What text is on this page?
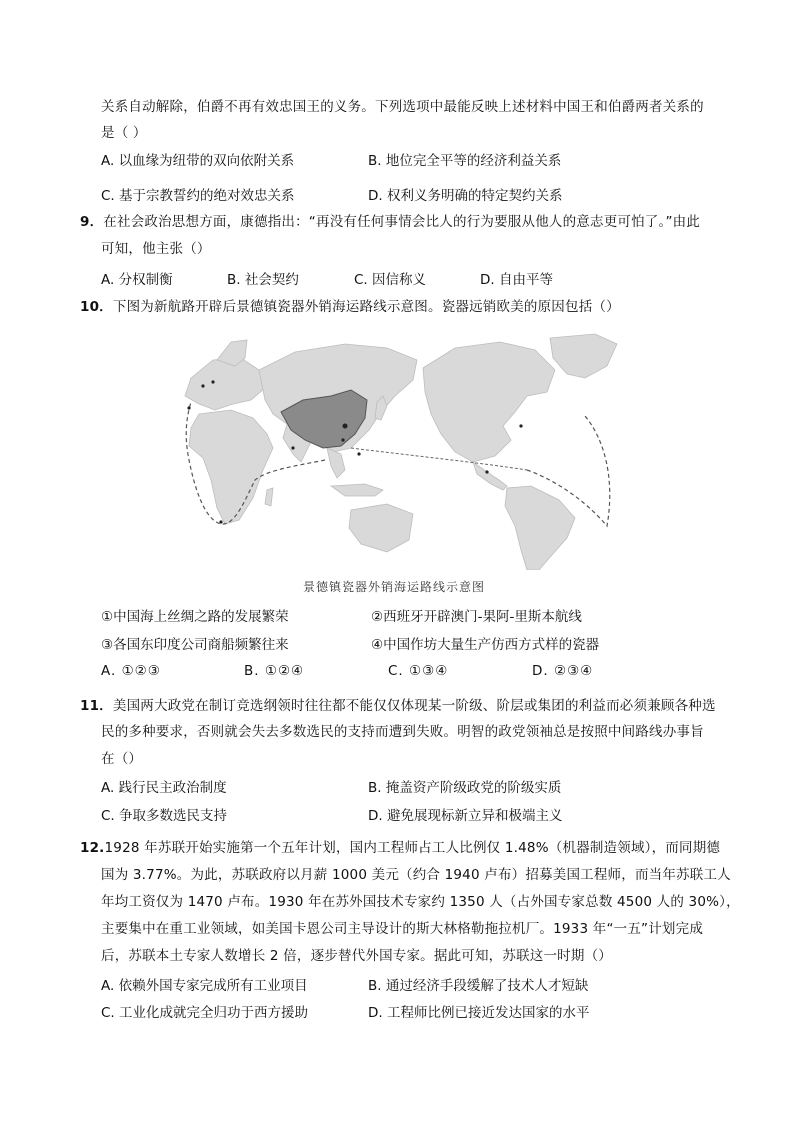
关系自动解除，伯爵不再有效忠国王的义务。下列选项中最能反映上述材料中国王和伯爵两者关系的
是（ ）
A. 以血缘为纽带的双向依附关系	B. 地位完全平等的经济利益关系
C. 基于宗教誓约的绝对效忠关系	D. 权利义务明确的特定契约关系
9．在社会政治思想方面，康德指出：“再没有任何事情会比人的行为要服从他人的意志更可怕了。”由此
可知，他主张（）
A. 分权制衡	B. 社会契约	C. 因信称义	D. 自由平等
10．下图为新航路开辟后景德镇瓷器外销海运路线示意图。瓷器远销欧美的原因包括（）
景德镇瓷器外销海运路线示意图
①中国海上丝绸之路的发展繁荣	②西班牙开辟澳门-果阿-里斯本航线
③各国东印度公司商船频繁往来	④中国作坊大量生产仿西方式样的瓷器
A. ①②③	B. ①②④	C. ①③④	D. ②③④
11．美国两大政党在制订竞选纲领时往往都不能仅仅体现某一阶级、阶层或集团的利益而必须兼顾各种选
民的多种要求，否则就会失去多数选民的支持而遭到失败。明智的政党领袖总是按照中间路线办事旨
在（）
A. 践行民主政治制度	B. 掩盖资产阶级政党的阶级实质
C. 争取多数选民支持	D. 避免展现标新立异和极端主义
12.1928 年苏联开始实施第一个五年计划，国内工程师占工人比例仅 1.48%（机器制造领域），而同期德
国为 3.77%。为此，苏联政府以月薪 1000 美元（约合 1940 卢布）招募美国工程师，而当年苏联工人
年均工资仅为 1470 卢布。1930 年在苏外国技术专家约 1350 人（占外国专家总数 4500 人的 30%），
主要集中在重工业领域，如美国卡恩公司主导设计的斯大林格勒拖拉机厂。1933 年“一五”计划完成
后，苏联本土专家人数增长 2 倍，逐步替代外国专家。据此可知，苏联这一时期（）
A. 依赖外国专家完成所有工业项目	B. 通过经济手段缓解了技术人才短缺
C. 工业化成就完全归功于西方援助	D. 工程师比例已接近发达国家的水平
